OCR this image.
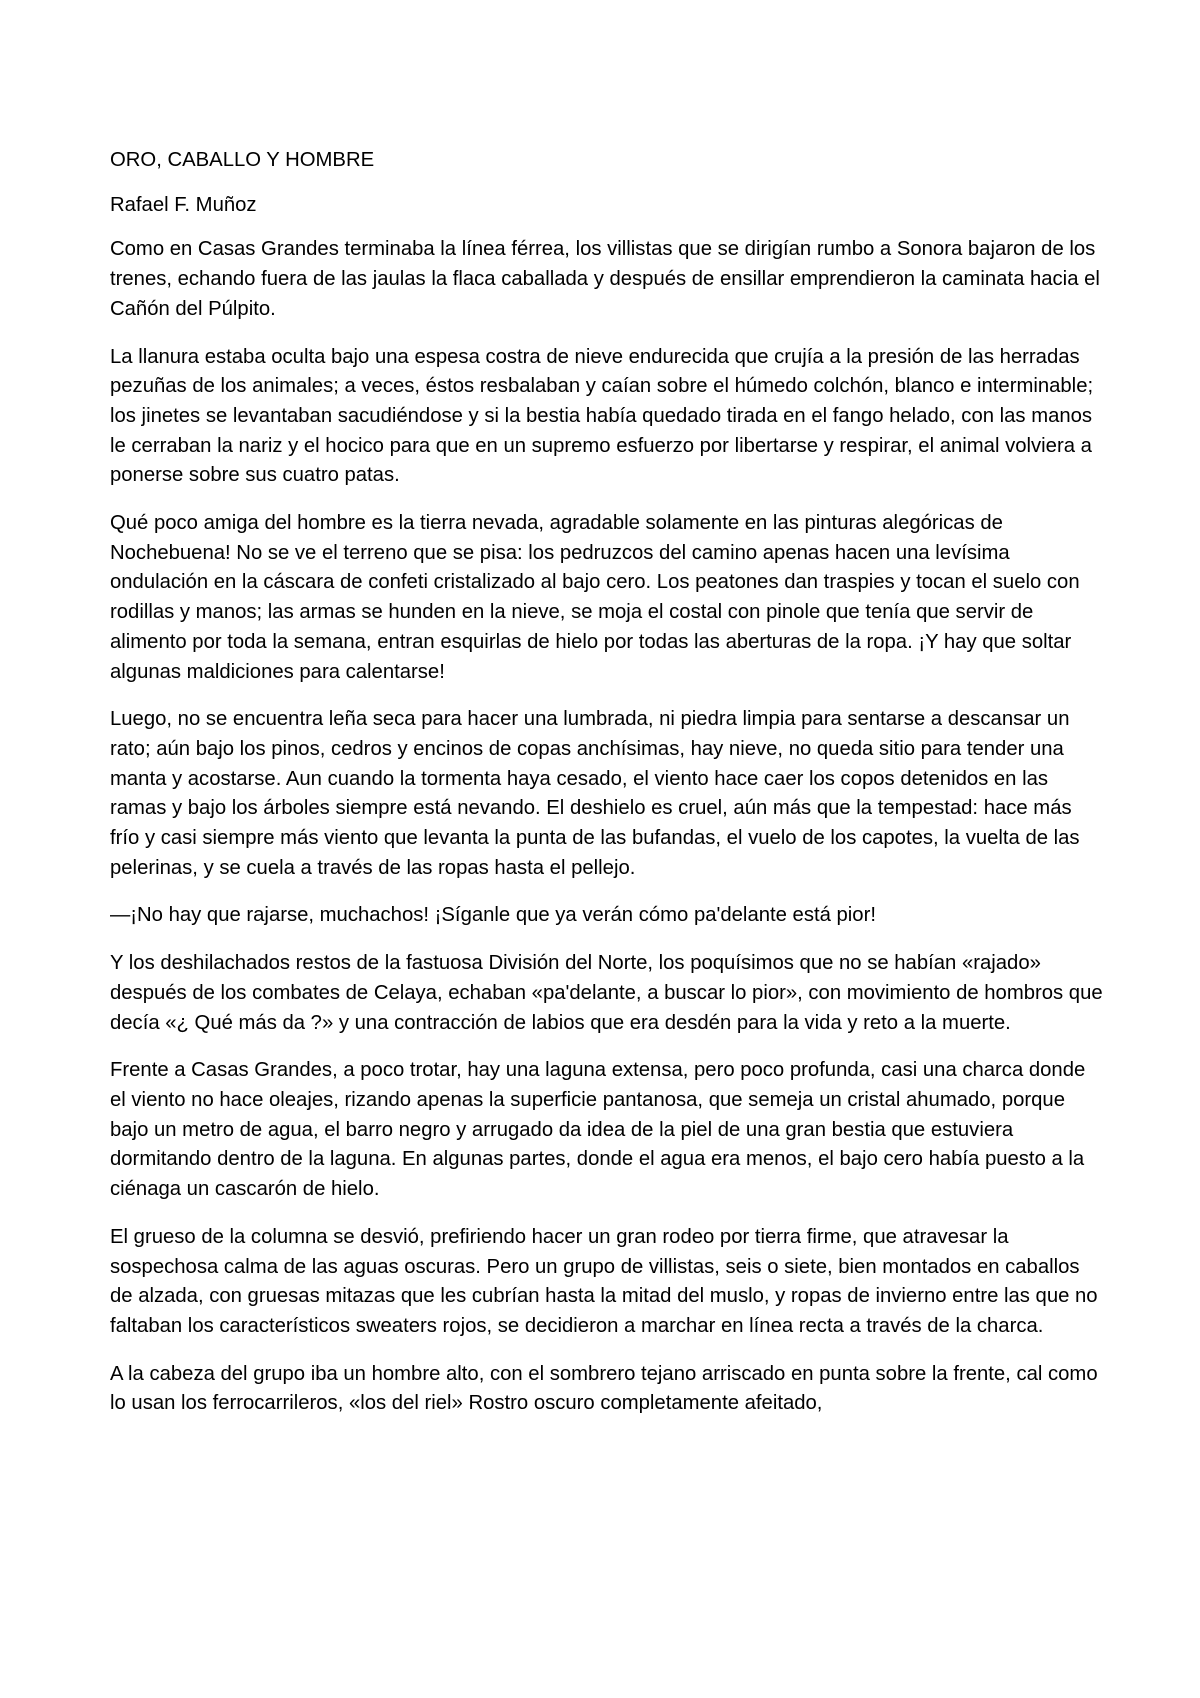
ORO, CABALLO Y HOMBRE

Rafael F. Muñoz

Como en Casas Grandes terminaba la línea férrea, los villistas que se dirigían rumbo a Sonora bajaron de los trenes, echando fuera de las jaulas la flaca caballada y después de ensillar emprendieron la caminata hacia el Cañón del Púlpito.

La llanura estaba oculta bajo una espesa costra de nieve endurecida que crujía a la presión de las herradas pezuñas de los animales; a veces, éstos resbalaban y caían sobre el húmedo colchón, blanco e interminable; los jinetes se levantaban sacudiéndose y si la bestia había quedado tirada en el fango helado, con las manos le cerraban la nariz y el hocico para que en un supremo esfuerzo por libertarse y respirar, el animal volviera a ponerse sobre sus cuatro patas.

Qué poco amiga del hombre es la tierra nevada, agradable solamente en las pinturas alegóricas de Nochebuena! No se ve el terreno que se pisa: los pedruzcos del camino apenas hacen una levísima ondulación en la cáscara de confeti cristalizado al bajo cero. Los peatones dan traspies y tocan el suelo con rodillas y manos; las armas se hunden en la nieve, se moja el costal con pinole que tenía que servir de alimento por toda la semana, entran esquirlas de hielo por todas las aberturas de la ropa. ¡Y hay que soltar algunas maldiciones para calentarse!

Luego, no se encuentra leña seca para hacer una lumbrada, ni piedra limpia para sentarse a descansar un rato; aún bajo los pinos, cedros y encinos de copas anchísimas, hay nieve, no queda sitio para tender una manta y acostarse. Aun cuando la tormenta haya cesado, el viento hace caer los copos detenidos en las ramas y bajo los árboles siempre está nevando. El deshielo es cruel, aún más que la tempestad: hace más frío y casi siempre más viento que levanta la punta de las bufandas, el vuelo de los capotes, la vuelta de las pelerinas, y se cuela a través de las ropas hasta el pellejo.

—¡No hay que rajarse, muchachos! ¡Síganle que ya verán cómo pa'delante está pior!

Y los deshilachados restos de la fastuosa División del Norte, los poquísimos que no se habían «rajado» después de los combates de Celaya, echaban «pa'delante, a buscar lo pior», con movimiento de hombros que decía «¿ Qué más da ?» y una contracción de labios que era desdén para la vida y reto a la muerte.

Frente a Casas Grandes, a poco trotar, hay una laguna extensa, pero poco profunda, casi una charca donde el viento no hace oleajes, rizando apenas la superficie pantanosa, que semeja un cristal ahumado, porque bajo un metro de agua, el barro negro y arrugado da idea de la piel de una gran bestia que estuviera dormitando dentro de la laguna. En algunas partes, donde el agua era menos, el bajo cero había puesto a la ciénaga un cascarón de hielo.

El grueso de la columna se desvió, prefiriendo hacer un gran rodeo por tierra firme, que atravesar la sospechosa calma de las aguas oscuras. Pero un grupo de villistas, seis o siete, bien montados en caballos de alzada, con gruesas mitazas que les cubrían hasta la mitad del muslo, y ropas de invierno entre las que no faltaban los característicos sweaters rojos, se decidieron a marchar en línea recta a través de la charca.

A la cabeza del grupo iba un hombre alto, con el sombrero tejano arriscado en punta sobre la frente, cal como lo usan los ferrocarrileros, «los del riel» Rostro oscuro completamente afeitado,
